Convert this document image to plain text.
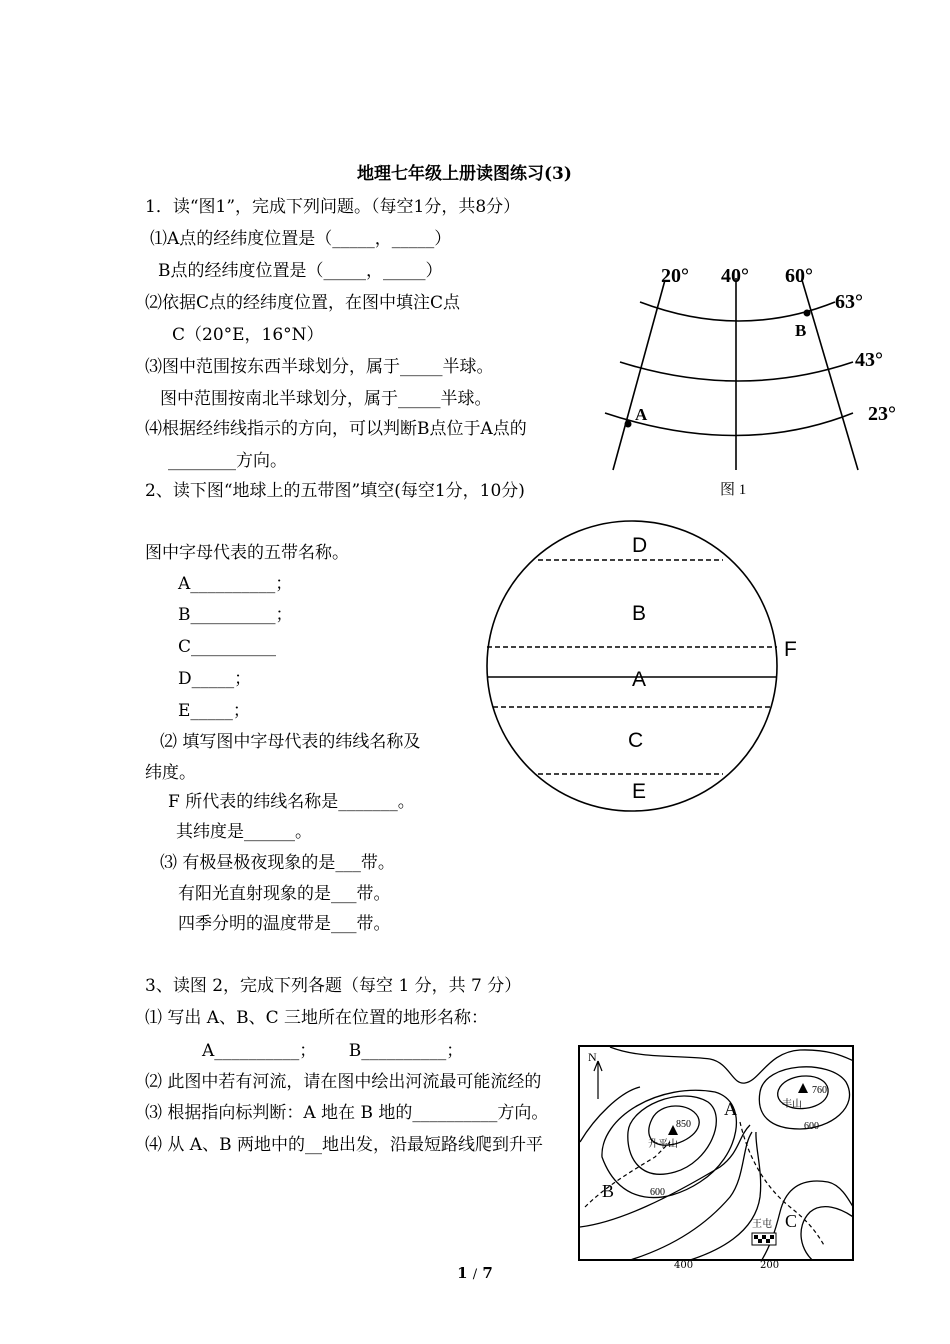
地理七年级上册读图练习(3)
1．读“图1”，完成下列问题。（每空1分，共8分）
⑴A点的经纬度位置是（_____，_____）
B点的经纬度位置是（_____，_____）
⑵依据C点的经纬度位置，在图中填注C点
C（20°E，16°N）
⑶图中范围按东西半球划分，属于_____半球。
图中范围按南北半球划分，属于_____半球。
⑷根据经纬线指示的方向，可以判断B点位于A点的
________方向。
20° 40° 60°
63°
43°
23°
A
B
图 1
2、读下图“地球上的五带图”填空(每空1分，10分)
图中字母代表的五带名称。
A__________；
B__________；
C__________
D_____；
E_____；
⑵ 填写图中字母代表的纬线名称及
纬度。
F 所代表的纬线名称是_______。
其纬度是______。
⑶ 有极昼极夜现象的是___带。
有阳光直射现象的是___带。
四季分明的温度带是___带。
D
B
F
A
C
E
3、读图 2，完成下列各题（每空 1 分，共 7 分）
⑴ 写出 A、B、C 三地所在位置的地形名称：
A__________；      B__________；
⑵ 此图中若有河流，请在图中绘出河流最可能流经的
⑶ 根据指向标判断：A 地在 B 地的__________方向。
⑷ 从 A、B 两地中的__地出发，沿最短路线爬到升平
N
850
升平山
760
丰山
600
600
王屯
A
B
C
400	200
1 / 7
